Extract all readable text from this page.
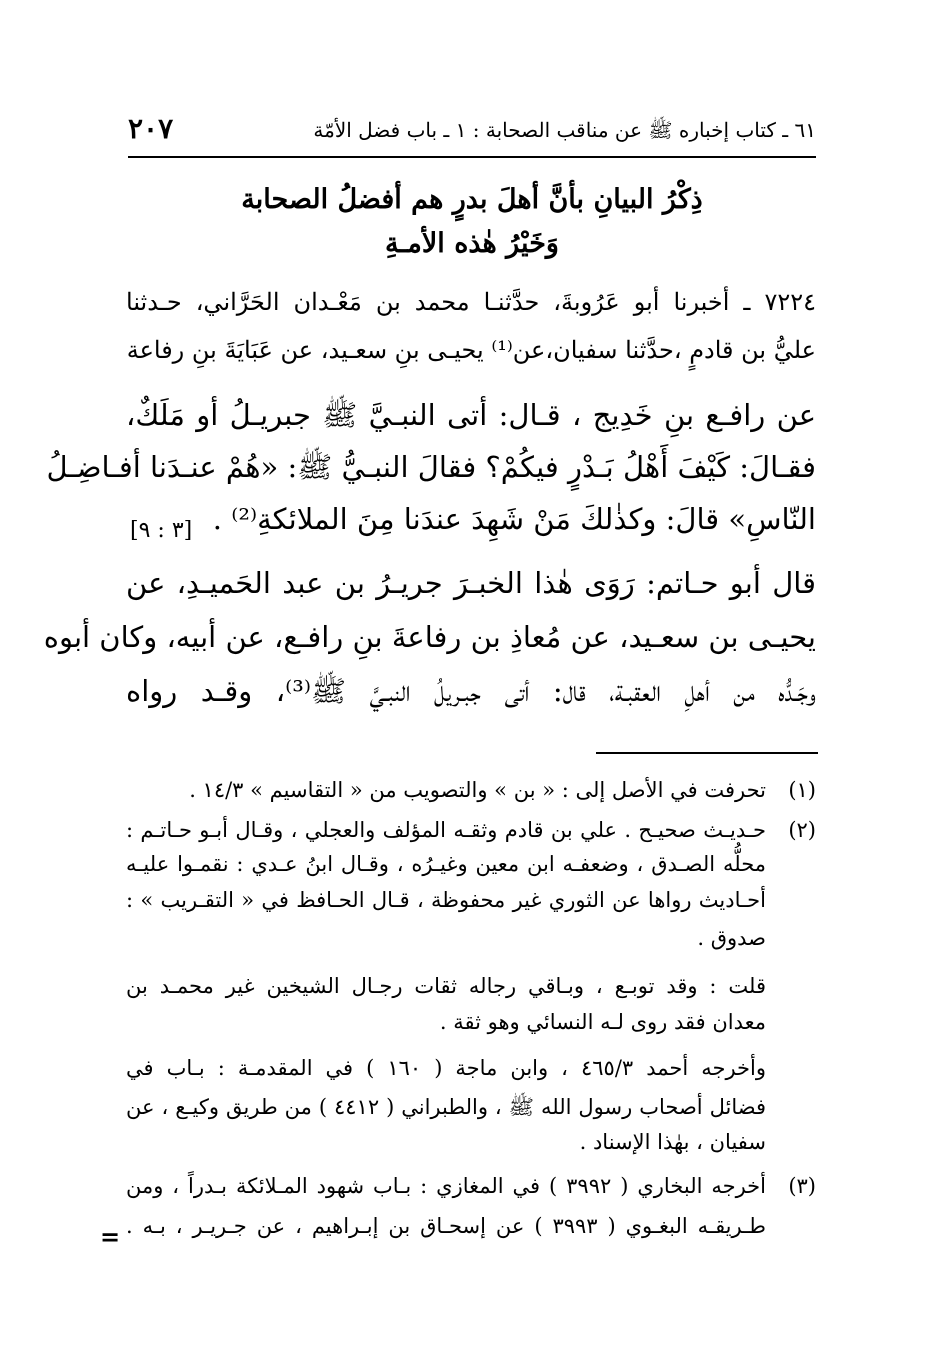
٦١ ـ كتاب إخباره ﷺ عن مناقب الصحابة : ١ ـ باب فضل الأمّة
٢٠٧
ذِكْرُ البيانِ بأنَّ أهلَ بدرٍ هم أفضلُ الصحابة
وَخَيْرُ هٰذه الأمـةِ
٧٢٢٤ ـ أخبرنا أبو عَرُوبةَ، حدَّثنـا محمد بن مَعْـدان الحَرَّاني، حـدثنا
عليُّ بن قادمٍ ،حدَّثنا سفيان،عن⁽¹⁾ يحيـى بنِ سعـيد، عن عَبَايَةَ بنِ رفاعة
عن رافـع بنِ خَدِيج ، قـال: أتى النبـيَّ ﷺ جبريـلُ أو مَلَكٌ،
فقـالَ: كَيْفَ أَهْلُ بَـدْرٍ فيكُمْ؟ فقالَ النبـيُّ ﷺ: «هُمْ عنـدَنا أفـاضِـلُ
النّاسِ» قالَ: وكذٰلكَ مَنْ شَهِدَ عندَنا مِنَ الملائكةِ⁽²⁾ .
[٣ : ٩]
قال أبو حـاتم: رَوَى هٰذا الخبـرَ جريـرُ بن عبد الحَميـدِ، عن
يحيـى بن سعـيد، عن مُعاذِ بن رفاعةَ بنِ رافـع، عن أبيه، وكان أبوه
وجَـدُّه من أهلِ العقبـة، قال: أتى جبـريلُ النبـيَّ ﷺ⁽³⁾، وقـد رواه
(١)
تحرفت في الأصل إلى : « بن » والتصويب من « التقاسيم » ١٤/٣ .
(٢)
حـديـث صحيـح . علي بن قادم وثقـه المؤلف والعجلي ، وقـال أبـو حـاتـم :
محلُّه الصـدق ، وضعفـه ابن معين وغيـرُه ، وقـال ابنُ عـدي : نقمـوا عليـه
أحـاديث رواها عن الثوري غير محفوظة ، قـال الحـافظ في « التقـريب » :
صدوق .
قلت : وقد توبـع ، وبـاقي رجاله ثقات رجـال الشيخين غير محمـد بن
معدان فقد روى لـه النسائي وهو ثقة .
وأخرجه أحمد ٤٦٥/٣ ، وابن ماجة ( ١٦٠ ) في المقدمـة : بـاب في
فضائل أصحاب رسول الله ﷺ ، والطبراني ( ٤٤١٢ ) من طريق وكيـع ، عن
سفيان ، بهٰذا الإسناد .
(٣)
أخرجه البخاري ( ٣٩٩٢ ) في المغازي : بـاب شهود المـلائكة بـدراً ، ومن
طـريقـه البغـوي ( ٣٩٩٣ ) عن إسحـاق بن إبـراهيم ، عن جـريـر ، بـه .
=
